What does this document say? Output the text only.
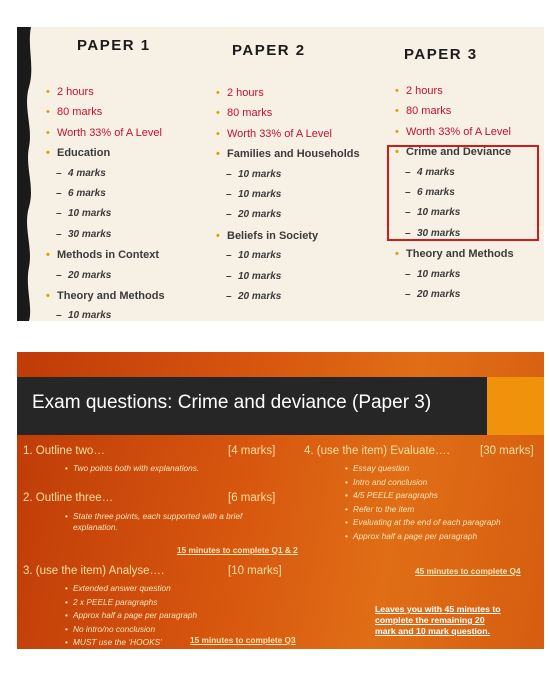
PAPER 1	PAPER 2	PAPER 3
• 2 hours
• 80 marks
• Worth 33% of A Level
• Education
– 4 marks
– 6 marks
– 10 marks
– 30 marks
• Methods in Context
– 20 marks
• Theory and Methods
– 10 marks
• 2 hours
• 80 marks
• Worth 33% of A Level
• Families and Households
– 10 marks
– 10 marks
– 20 marks
• Beliefs in Society
– 10 marks
– 10 marks
– 20 marks
• 2 hours
• 80 marks
• Worth 33% of A Level
• Crime and Deviance
– 4 marks
– 6 marks
– 10 marks
– 30 marks
• Theory and Methods
– 10 marks
– 20 marks
Exam questions: Crime and deviance (Paper 3)
1. Outline two…	[4 marks]
• Two points both with explanations.
2. Outline three…	[6 marks]
• State three points, each supported with a brief
explanation.
15 minutes to complete Q1 & 2
3. (use the item) Analyse….	[10 marks]
• Extended answer question
• 2 x PEELE paragraphs
• Approx half a page per paragraph
• No intro/no conclusion
• MUST use the ‘HOOKS’	15 minutes to complete Q3
4. (use the item) Evaluate….	[30 marks]
• Essay question
• Intro and conclusion
• 4/5 PEELE paragraphs
• Refer to the item
• Evaluating at the end of each paragraph
• Approx half a page per paragraph
45 minutes to complete Q4
Leaves you with 45 minutes to
complete the remaining 20
mark and 10 mark question.
